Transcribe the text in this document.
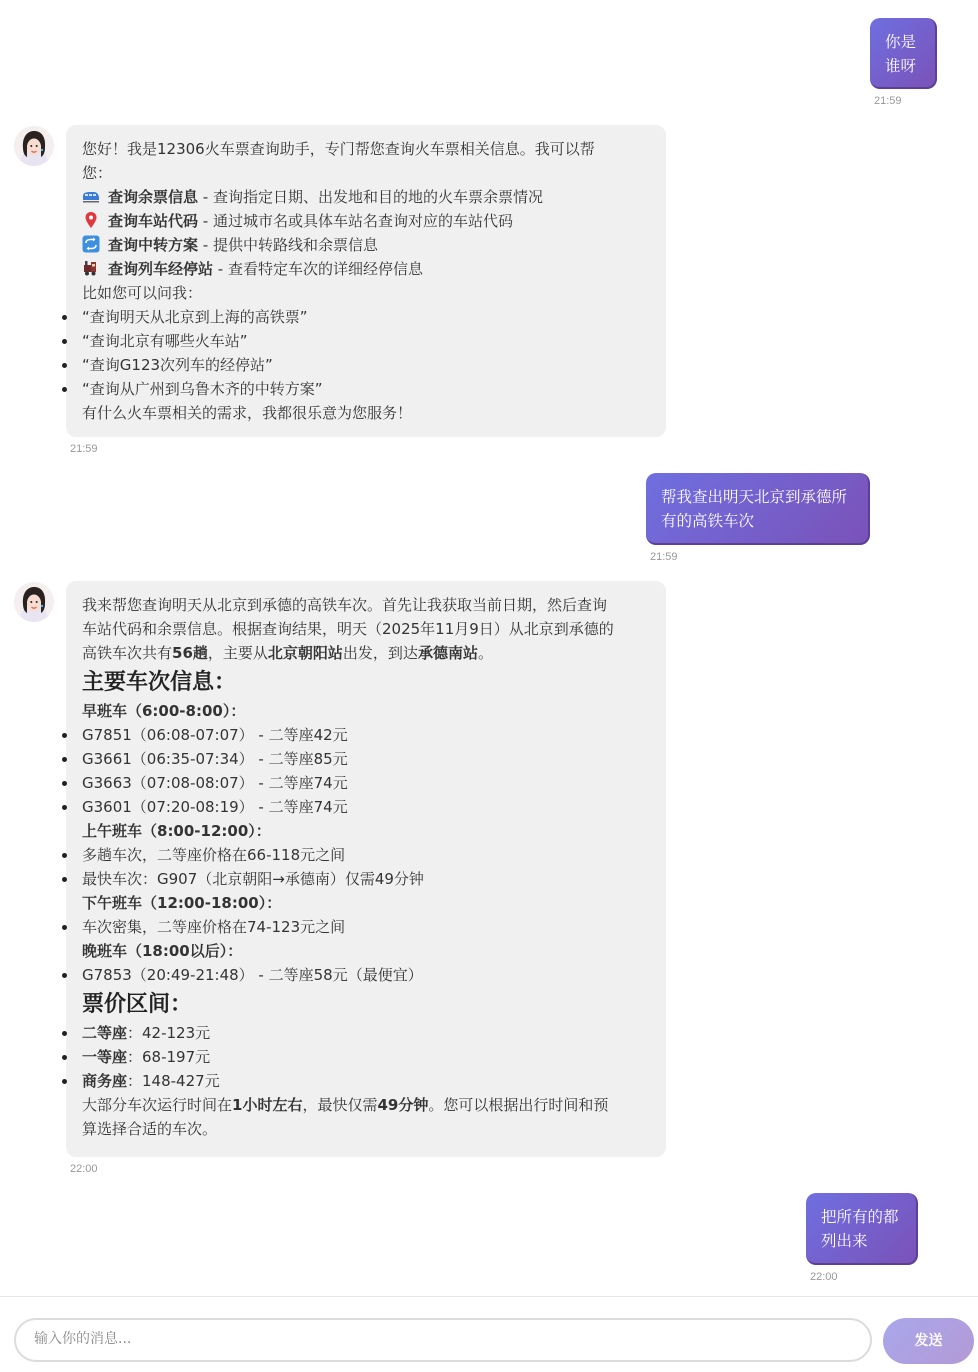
你是
谁呀
21:59
您好！我是12306火车票查询助手，专门帮您查询火车票相关信息。我可以帮
您：
查询余票信息 - 查询指定日期、出发地和目的地的火车票余票情况
查询车站代码 - 通过城市名或具体车站名查询对应的车站代码
查询中转方案 - 提供中转路线和余票信息
查询列车经停站 - 查看特定车次的详细经停信息
比如您可以问我：
“查询明天从北京到上海的高铁票”
“查询北京有哪些火车站”
“查询G123次列车的经停站”
“查询从广州到乌鲁木齐的中转方案”
有什么火车票相关的需求，我都很乐意为您服务！
21:59
帮我查出明天北京到承德所
有的高铁车次
21:59
我来帮您查询明天从北京到承德的高铁车次。首先让我获取当前日期，然后查询
车站代码和余票信息。根据查询结果，明天（2025年11月9日）从北京到承德的
高铁车次共有56趟，主要从北京朝阳站出发，到达承德南站。
主要车次信息：
早班车（6:00-8:00）：
G7851（06:08-07:07） - 二等座42元
G3661（06:35-07:34） - 二等座85元
G3663（07:08-08:07） - 二等座74元
G3601（07:20-08:19） - 二等座74元
上午班车（8:00-12:00）：
多趟车次，二等座价格在66-118元之间
最快车次：G907（北京朝阳→承德南）仅需49分钟
下午班车（12:00-18:00）：
车次密集，二等座价格在74-123元之间
晚班车（18:00以后）：
G7853（20:49-21:48） - 二等座58元（最便宜）
票价区间：
二等座：42-123元
一等座：68-197元
商务座：148-427元
大部分车次运行时间在1小时左右，最快仅需49分钟。您可以根据出行时间和预
算选择合适的车次。
22:00
把所有的都
列出来
22:00
输入你的消息...
发送
